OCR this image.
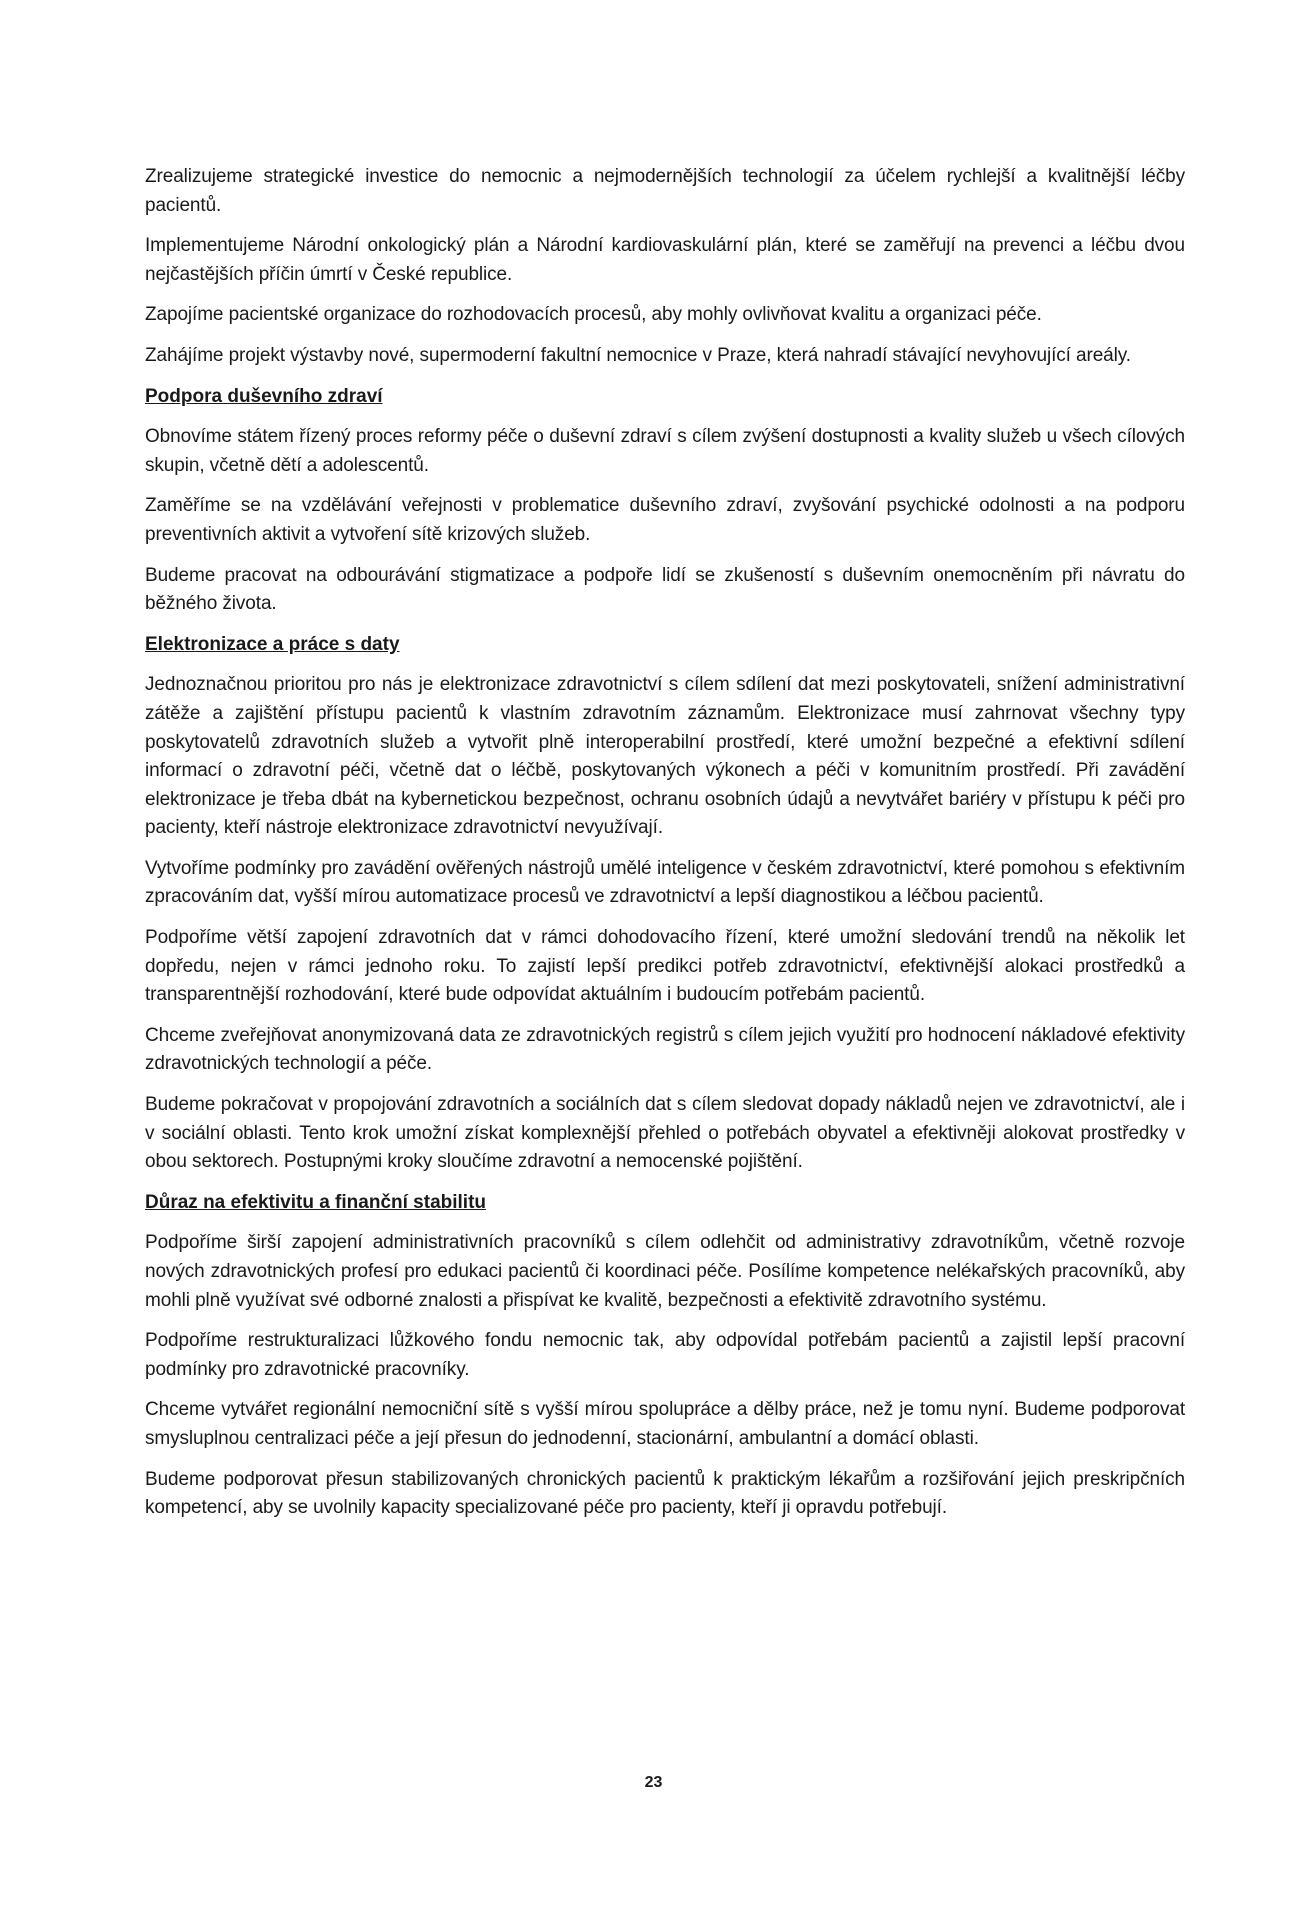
Zrealizujeme strategické investice do nemocnic a nejmodernějších technologií za účelem rychlejší a kvalitnější léčby pacientů.

Implementujeme Národní onkologický plán a Národní kardiovaskulární plán, které se zaměřují na prevenci a léčbu dvou nejčastějších příčin úmrtí v České republice.

Zapojíme pacientské organizace do rozhodovacích procesů, aby mohly ovlivňovat kvalitu a organizaci péče.

Zahájíme projekt výstavby nové, supermoderní fakultní nemocnice v Praze, která nahradí stávající nevyhovující areály.

Podpora duševního zdraví

Obnovíme státem řízený proces reformy péče o duševní zdraví s cílem zvýšení dostupnosti a kvality služeb u všech cílových skupin, včetně dětí a adolescentů.

Zaměříme se na vzdělávání veřejnosti v problematice duševního zdraví, zvyšování psychické odolnosti a na podporu preventivních aktivit a vytvoření sítě krizových služeb.

Budeme pracovat na odbourávání stigmatizace a podpoře lidí se zkušeností s duševním onemocněním při návratu do běžného života.

Elektronizace a práce s daty

Jednoznačnou prioritou pro nás je elektronizace zdravotnictví s cílem sdílení dat mezi poskytovateli, snížení administrativní zátěže a zajištění přístupu pacientů k vlastním zdravotním záznamům. Elektronizace musí zahrnovat všechny typy poskytovatelů zdravotních služeb a vytvořit plně interoperabilní prostředí, které umožní bezpečné a efektivní sdílení informací o zdravotní péči, včetně dat o léčbě, poskytovaných výkonech a péči v komunitním prostředí. Při zavádění elektronizace je třeba dbát na kybernetickou bezpečnost, ochranu osobních údajů a nevytvářet bariéry v přístupu k péči pro pacienty, kteří nástroje elektronizace zdravotnictví nevyužívají.

Vytvoříme podmínky pro zavádění ověřených nástrojů umělé inteligence v českém zdravotnictví, které pomohou s efektivním zpracováním dat, vyšší mírou automatizace procesů ve zdravotnictví a lepší diagnostikou a léčbou pacientů.

Podpoříme větší zapojení zdravotních dat v rámci dohodovacího řízení, které umožní sledování trendů na několik let dopředu, nejen v rámci jednoho roku. To zajistí lepší predikci potřeb zdravotnictví, efektivnější alokaci prostředků a transparentnější rozhodování, které bude odpovídat aktuálním i budoucím potřebám pacientů.

Chceme zveřejňovat anonymizovaná data ze zdravotnických registrů s cílem jejich využití pro hodnocení nákladové efektivity zdravotnických technologií a péče.

Budeme pokračovat v propojování zdravotních a sociálních dat s cílem sledovat dopady nákladů nejen ve zdravotnictví, ale i v sociální oblasti. Tento krok umožní získat komplexnější přehled o potřebách obyvatel a efektivněji alokovat prostředky v obou sektorech. Postupnými kroky sloučíme zdravotní a nemocenské pojištění.

Důraz na efektivitu a finanční stabilitu

Podpoříme širší zapojení administrativních pracovníků s cílem odlehčit od administrativy zdravotníkům, včetně rozvoje nových zdravotnických profesí pro edukaci pacientů či koordinaci péče. Posílíme kompetence nelékařských pracovníků, aby mohli plně využívat své odborné znalosti a přispívat ke kvalitě, bezpečnosti a efektivitě zdravotního systému.

Podpoříme restrukturalizaci lůžkového fondu nemocnic tak, aby odpovídal potřebám pacientů a zajistil lepší pracovní podmínky pro zdravotnické pracovníky.

Chceme vytvářet regionální nemocniční sítě s vyšší mírou spolupráce a dělby práce, než je tomu nyní. Budeme podporovat smysluplnou centralizaci péče a její přesun do jednodenní, stacionární, ambulantní a domácí oblasti.

Budeme podporovat přesun stabilizovaných chronických pacientů k praktickým lékařům a rozšiřování jejich preskripčních kompetencí, aby se uvolnily kapacity specializované péče pro pacienty, kteří ji opravdu potřebují.

23
